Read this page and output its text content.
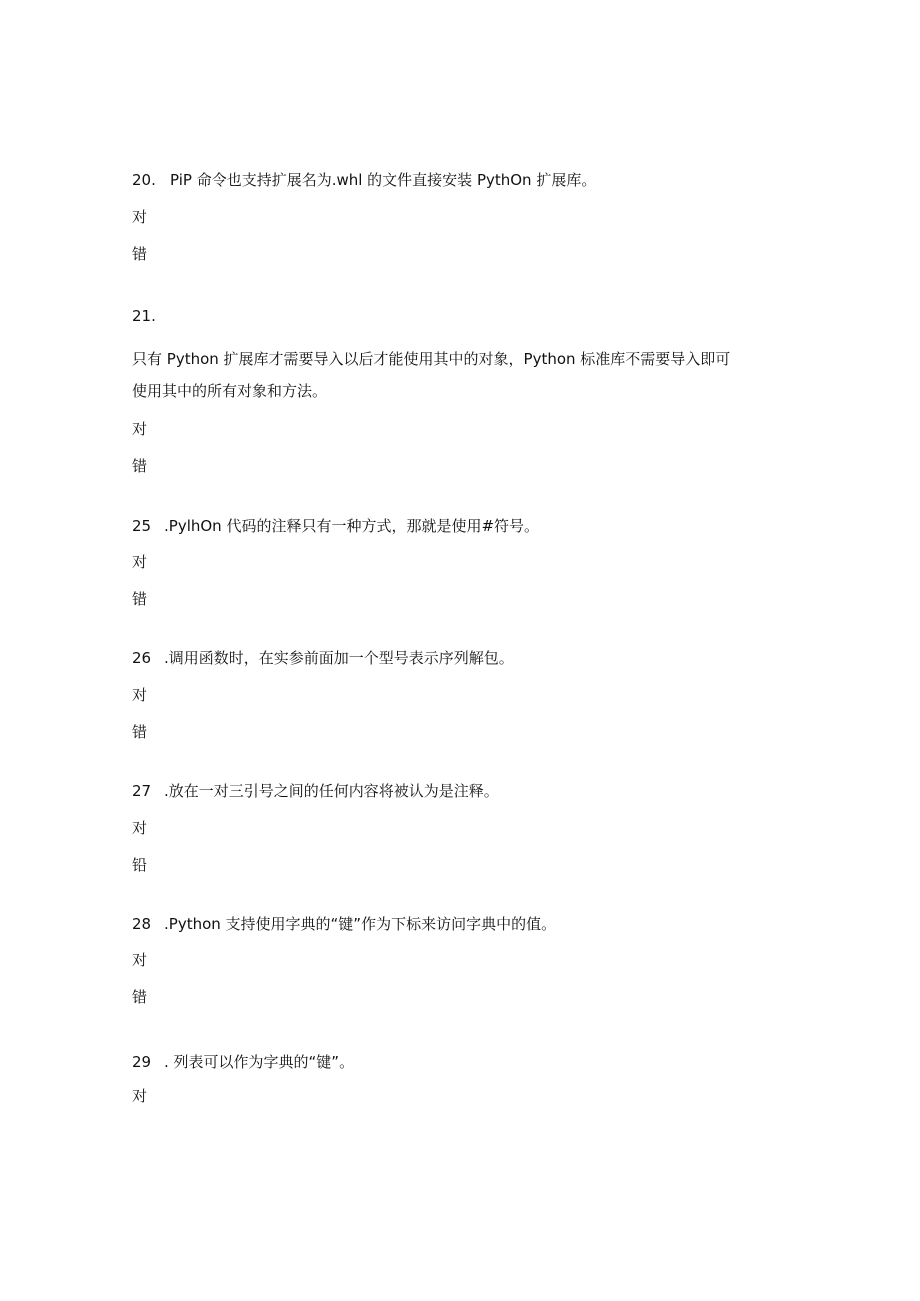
20. PiP 命令也支持扩展名为.whl 的文件直接安装 PythOn 扩展库。
对
错
21.
只有 Python 扩展库才需要导入以后才能使用其中的对象，Python 标准库不需要导入即可
使用其中的所有对象和方法。
对
错
25 .PylhOn 代码的注释只有一种方式，那就是使用#符号。
对
错
26 .调用函数时，在实参前面加一个型号表示序列解包。
对
错
27 .放在一对三引号之间的任何内容将被认为是注释。
对
铅
28 .Python 支持使用字典的“键”作为下标来访问字典中的值。
对
错
29 . 列表可以作为字典的“键”。
对
